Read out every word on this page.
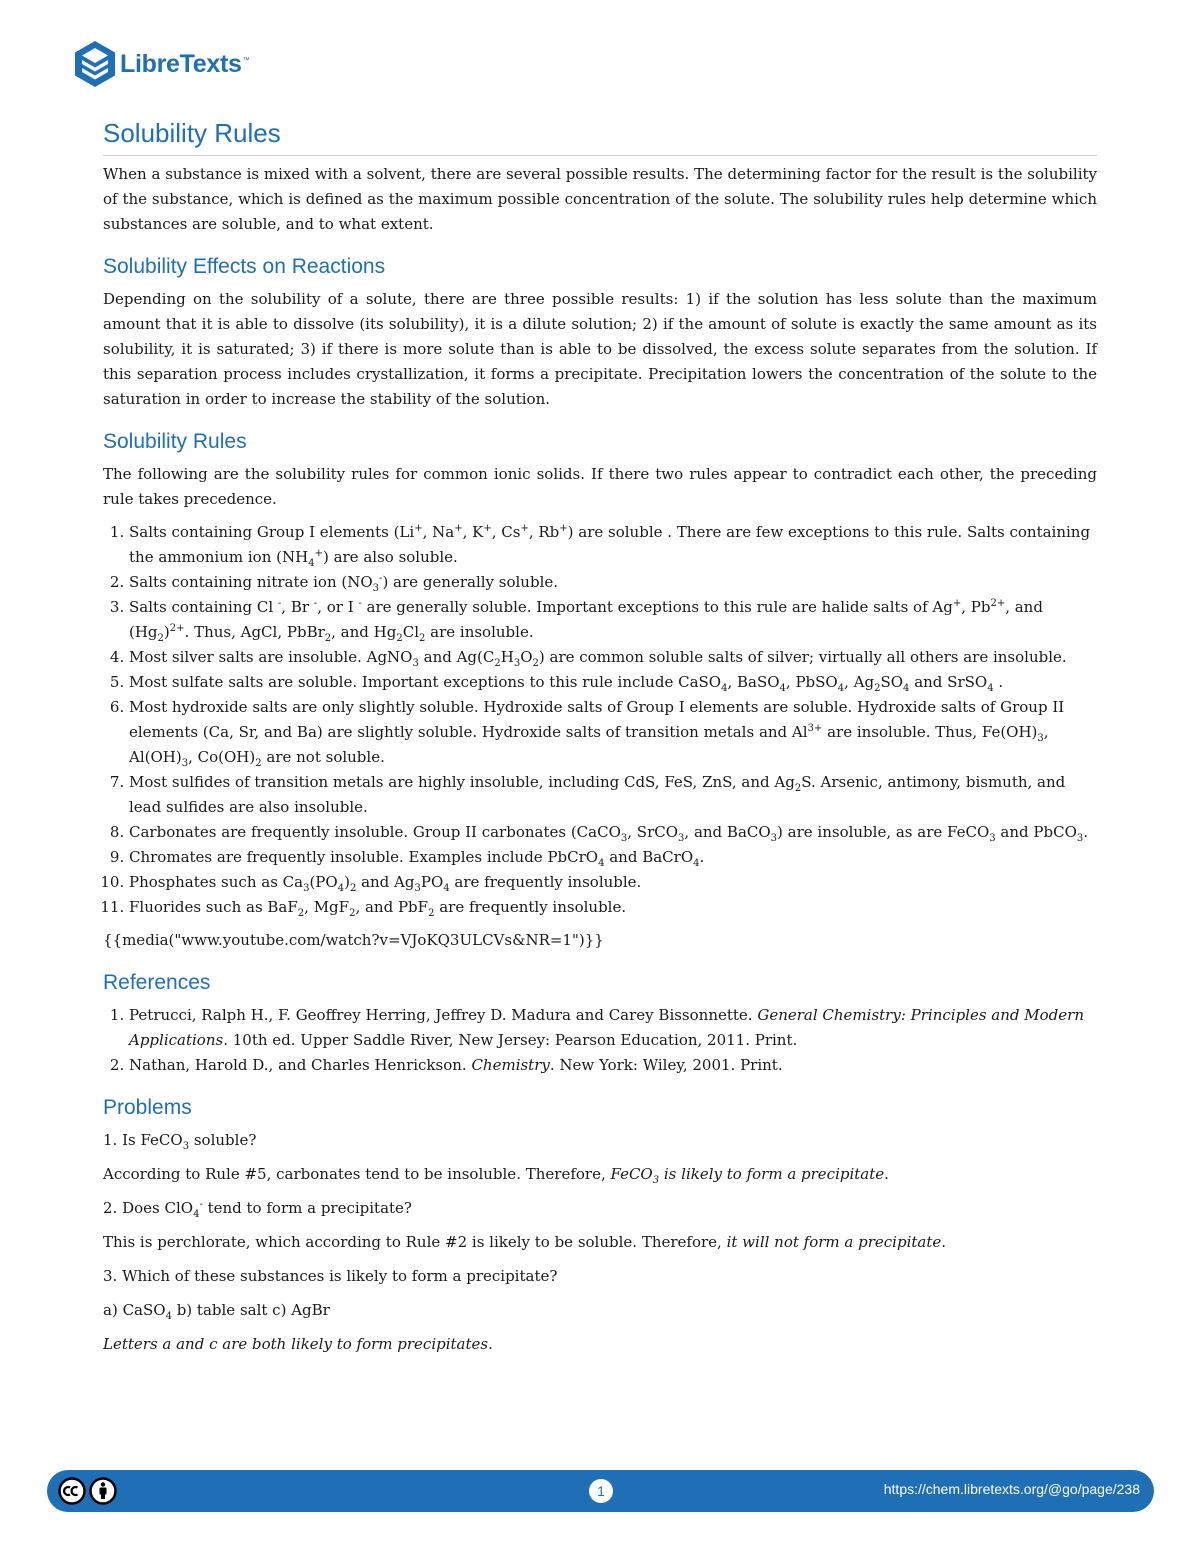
LibreTexts ™
Solubility Rules

When a substance is mixed with a solvent, there are several possible results. The determining factor for the result is the solubility of the substance, which is defined as the maximum possible concentration of the solute. The solubility rules help determine which substances are soluble, and to what extent.

Solubility Effects on Reactions

Depending on the solubility of a solute, there are three possible results: 1) if the solution has less solute than the maximum amount that it is able to dissolve (its solubility), it is a dilute solution; 2) if the amount of solute is exactly the same amount as its solubility, it is saturated; 3) if there is more solute than is able to be dissolved, the excess solute separates from the solution. If this separation process includes crystallization, it forms a precipitate. Precipitation lowers the concentration of the solute to the saturation in order to increase the stability of the solution.

Solubility Rules

The following are the solubility rules for common ionic solids. If there two rules appear to contradict each other, the preceding rule takes precedence.

1. Salts containing Group I elements (Li+, Na+, K+, Cs+, Rb+) are soluble . There are few exceptions to this rule. Salts containing the ammonium ion $(NH_4^+)$ are also soluble.
2. Salts containing nitrate ion $(NO_3^-)$ are generally soluble.
3. Salts containing Cl -, Br -, or I - are generally soluble. Important exceptions to this rule are halide salts of Ag+, $Pb^{2+}$, and $(Hg_2)^{2+}$. Thus, AgCl, PbBr$_2$, and $Hg_2Cl_2$ are insoluble.
4. Most silver salts are insoluble. AgNO$_3$ and $Ag(C_2H_3O_2)$ are common soluble salts of silver; virtually all others are insoluble.
5. Most sulfate salts are soluble. Important exceptions to this rule include CaSO$_4$, BaSO$_4$, PbSO$_4$, $Ag_2SO_4$ and SrSO$_4$ .
6. Most hydroxide salts are only slightly soluble. Hydroxide salts of Group I elements are soluble. Hydroxide salts of Group II elements (Ca, Sr, and Ba) are slightly soluble. Hydroxide salts of transition metals and $Al^{3+}$ are insoluble. Thus, $Fe(OH)_3$, $Al(OH)_3$, $Co(OH)_2$ are not soluble.
7. Most sulfides of transition metals are highly insoluble, including CdS, FeS, ZnS, and $Ag_2S$. Arsenic, antimony, bismuth, and lead sulfides are also insoluble.
8. Carbonates are frequently insoluble. Group II carbonates (CaCO$_3$, SrCO$_3$, and BaCO$_3$) are insoluble, as are FeCO$_3$ and PbCO$_3$.
9. Chromates are frequently insoluble. Examples include PbCrO$_4$ and BaCrO$_4$.
10. Phosphates such as $Ca_3(PO_4)_2$ and $Ag_3PO_4$ are frequently insoluble.
11. Fluorides such as BaF$_2$, MgF$_2$, and PbF$_2$ are frequently insoluble.

{{media("www.youtube.com/watch?v=VJoKQ3ULCVs&NR=1")}}

References
1. Petrucci, Ralph H., F. Geoffrey Herring, Jeffrey D. Madura and Carey Bissonnette. General Chemistry: Principles and Modern Applications. 10th ed. Upper Saddle River, New Jersey: Pearson Education, 2011. Print.
2. Nathan, Harold D., and Charles Henrickson. Chemistry. New York: Wiley, 2001. Print.
Problems

1. Is FeCO$_3$ soluble?

According to Rule #5, carbonates tend to be insoluble. Therefore, FeCO$_3$ is likely to form a precipitate.

2. Does ClO$_4$- tend to form a precipitate?

This is perchlorate, which according to Rule #2 is likely to be soluble. Therefore, it will not form a precipitate.

3. Which of these substances is likely to form a precipitate?

a) CaSO$_4$ b) table salt c) AgBr

Letters a and c are both likely to form precipitates.

1	https://chem.libretexts.org/@go/page/238
